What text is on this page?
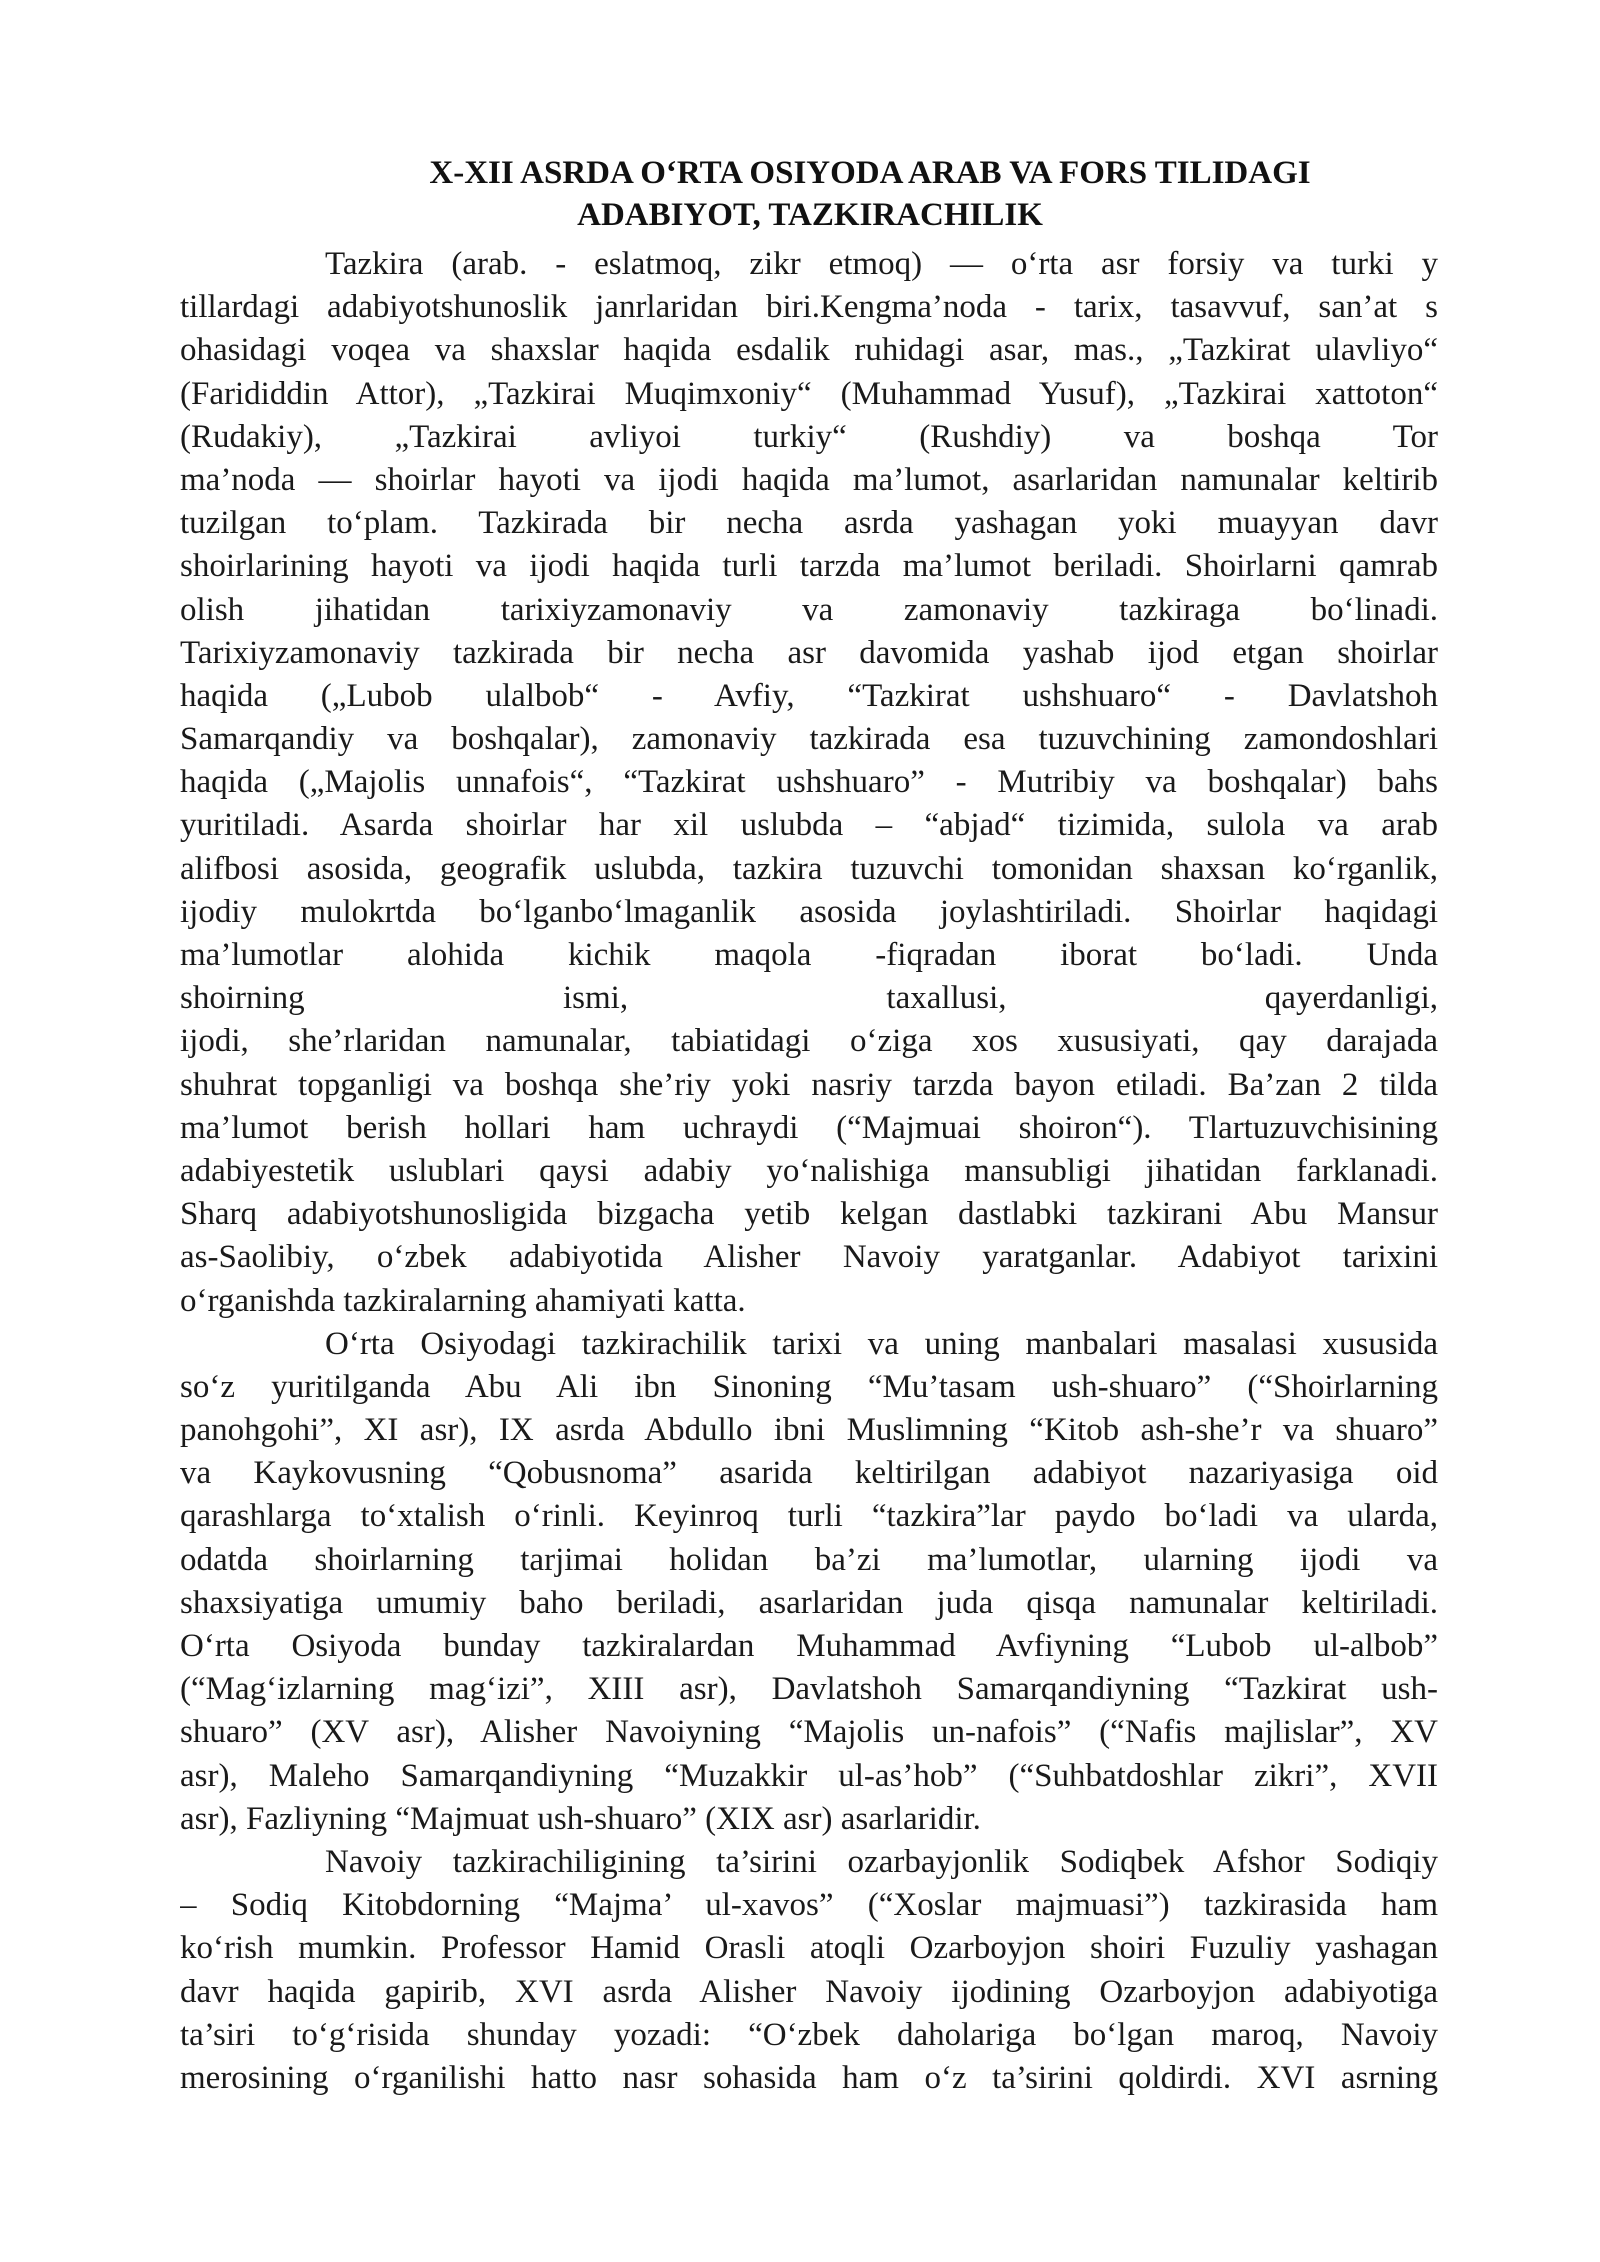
X-XII ASRDA O‘RTA OSIYODA ARAB VA FORS TILIDAGI
ADABIYOT, TAZKIRACHILIK
Tazkira (arab. - eslatmoq, zikr etmoq) — o‘rta asr forsiy va turki y
tillardagi adabiyotshunoslik janrlaridan biri.Kengma’noda - tarix, tasavvuf, san’at s
ohasidagi voqea va shaxslar haqida esdalik ruhidagi asar, mas., „Tazkirat ulavliyo“
(Farididdin Attor), „Tazkirai Muqimxoniy“ (Muhammad Yusuf), „Tazkirai xattoton“
(Rudakiy), „Tazkirai avliyoi turkiy“ (Rushdiy) va boshqa Tor
ma’noda — shoirlar hayoti va ijodi haqida ma’lumot, asarlaridan namunalar keltirib
tuzilgan to‘plam. Tazkirada bir necha asrda yashagan yoki muayyan davr
shoirlarining hayoti va ijodi haqida turli tarzda ma’lumot beriladi. Shoirlarni qamrab
olish jihatidan tarixiyzamonaviy va zamonaviy tazkiraga bo‘linadi.
Tarixiyzamonaviy tazkirada bir necha asr davomida yashab ijod etgan shoirlar
haqida („Lubob ulalbob“ - Avfiy, “Tazkirat ushshuaro“ - Davlatshoh
Samarqandiy va boshqalar), zamonaviy tazkirada esa tuzuvchining zamondoshlari
haqida („Majolis unnafois“, “Tazkirat ushshuaro” - Mutribiy va boshqalar) bahs
yuritiladi. Asarda shoirlar har xil uslubda – “abjad“ tizimida, sulola va arab
alifbosi asosida, geografik uslubda, tazkira tuzuvchi tomonidan shaxsan ko‘rganlik,
ijodiy mulokrtda bo‘lganbo‘lmaganlik asosida joylashtiriladi. Shoirlar haqidagi
ma’lumotlar alohida kichik maqola -fiqradan iborat bo‘ladi. Unda
shoirning ismi, taxallusi, qayerdanligi,
ijodi, she’rlaridan namunalar, tabiatidagi o‘ziga xos xususiyati, qay darajada
shuhrat topganligi va boshqa she’riy yoki nasriy tarzda bayon etiladi. Ba’zan 2 tilda
ma’lumot berish hollari ham uchraydi (“Majmuai shoiron“). Tlartuzuvchisining
adabiyestetik uslublari qaysi adabiy yo‘nalishiga mansubligi jihatidan farklanadi.
Sharq adabiyotshunosligida bizgacha yetib kelgan dastlabki tazkirani Abu Mansur
as-Saolibiy, o‘zbek adabiyotida Alisher Navoiy yaratganlar. Adabiyot tarixini
o‘rganishda tazkiralarning ahamiyati katta.
O‘rta Osiyodagi tazkirachilik tarixi va uning manbalari masalasi xususida
so‘z yuritilganda Abu Ali ibn Sinoning “Mu’tasam ush-shuaro” (“Shoirlarning
panohgohi”, XI asr), IX asrda Abdullo ibni Muslimning “Kitob ash-she’r va shuaro”
va Kaykovusning “Qobusnoma” asarida keltirilgan adabiyot nazariyasiga oid
qarashlarga to‘xtalish o‘rinli. Keyinroq turli “tazkira”lar paydo bo‘ladi va ularda,
odatda shoirlarning tarjimai holidan ba’zi ma’lumotlar, ularning ijodi va
shaxsiyatiga umumiy baho beriladi, asarlaridan juda qisqa namunalar keltiriladi.
O‘rta Osiyoda bunday tazkiralardan Muhammad Avfiyning “Lubob ul-albob”
(“Mag‘izlarning mag‘izi”, XIII asr), Davlatshoh Samarqandiyning “Tazkirat ush-
shuaro” (XV asr), Alisher Navoiyning “Majolis un-nafois” (“Nafis majlislar”, XV
asr), Maleho Samarqandiyning “Muzakkir ul-as’hob” (“Suhbatdoshlar zikri”, XVII
asr), Fazliyning “Majmuat ush-shuaro” (XIX asr) asarlaridir.
Navoiy tazkirachiligining ta’sirini ozarbayjonlik Sodiqbek Afshor Sodiqiy
– Sodiq Kitobdorning “Majma’ ul-xavos” (“Xoslar majmuasi”) tazkirasida ham
ko‘rish mumkin. Professor Hamid Orasli atoqli Ozarboyjon shoiri Fuzuliy yashagan
davr haqida gapirib, XVI asrda Alisher Navoiy ijodining Ozarboyjon adabiyotiga
ta’siri to‘g‘risida shunday yozadi: “O‘zbek daholariga bo‘lgan maroq, Navoiy
merosining o‘rganilishi hatto nasr sohasida ham o‘z ta’sirini qoldirdi. XVI asrning
